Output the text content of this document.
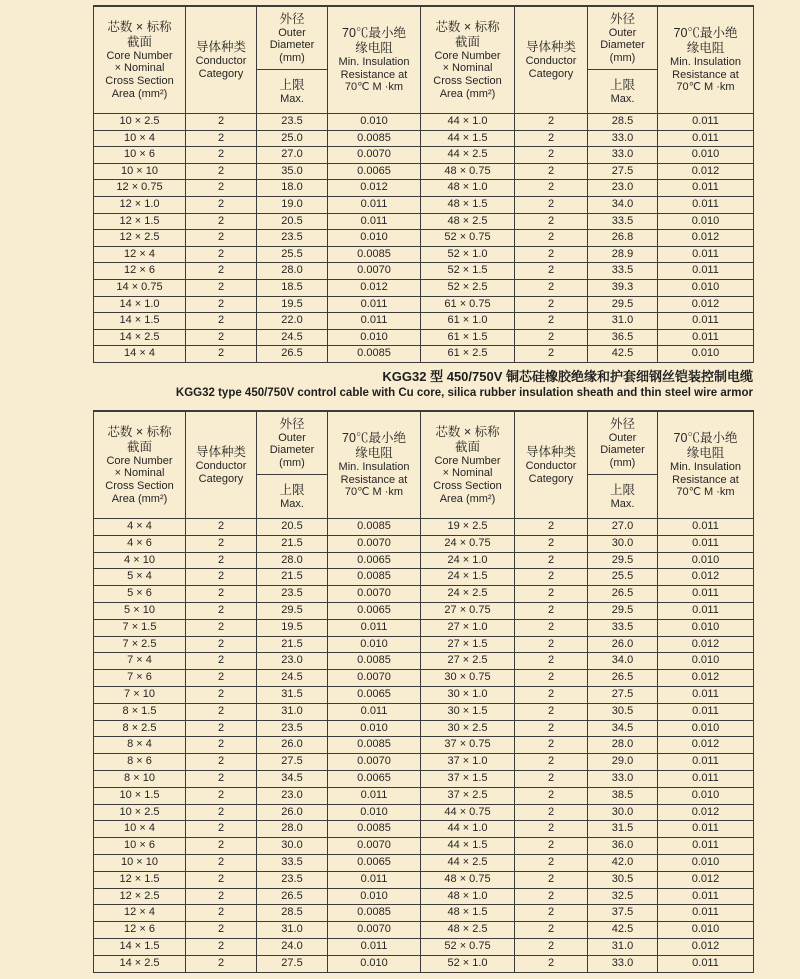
芯数 × 标称
截面
Core Number
× Nominal
Cross Section
Area (mm²)

导体种类
Conductor
Category

外径
Outer
Diameter
(mm)

70℃最小绝
缘电阻
Min. Insulation
Resistance at
70℃ M ·km

芯数 × 标称
截面
Core Number
× Nominal
Cross Section
Area (mm²)

导体种类
Conductor
Category

外径
Outer
Diameter
(mm)

70℃最小绝
缘电阻
Min. Insulation
Resistance at
70℃ M ·km

上限
Max.

上限
Max.

10 × 2.5	2	23.5	0.010	44 × 1.0	2	28.5	0.011
10 × 4	2	25.0	0.0085	44 × 1.5	2	33.0	0.011
10 × 6	2	27.0	0.0070	44 × 2.5	2	33.0	0.010
10 × 10	2	35.0	0.0065	48 × 0.75	2	27.5	0.012
12 × 0.75	2	18.0	0.012	48 × 1.0	2	23.0	0.011
12 × 1.0	2	19.0	0.011	48 × 1.5	2	34.0	0.011
12 × 1.5	2	20.5	0.011	48 × 2.5	2	33.5	0.010
12 × 2.5	2	23.5	0.010	52 × 0.75	2	26.8	0.012
12 × 4	2	25.5	0.0085	52 × 1.0	2	28.9	0.011
12 × 6	2	28.0	0.0070	52 × 1.5	2	33.5	0.011
14 × 0.75	2	18.5	0.012	52 × 2.5	2	39.3	0.010
14 × 1.0	2	19.5	0.011	61 × 0.75	2	29.5	0.012
14 × 1.5	2	22.0	0.011	61 × 1.0	2	31.0	0.011
14 × 2.5	2	24.5	0.010	61 × 1.5	2	36.5	0.011
14 × 4	2	26.5	0.0085	61 × 2.5	2	42.5	0.010
KGG32 型 450/750V 铜芯硅橡胶绝缘和护套细钢丝铠装控制电缆
KGG32 type 450/750V control cable with Cu core, silica rubber insulation sheath and thin steel wire armor
芯数 × 标称
截面
Core Number
× Nominal
Cross Section
Area (mm²)

导体种类
Conductor
Category

外径
Outer
Diameter
(mm)

70℃最小绝
缘电阻
Min. Insulation
Resistance at
70℃ M ·km

芯数 × 标称
截面
Core Number
× Nominal
Cross Section
Area (mm²)

导体种类
Conductor
Category

外径
Outer
Diameter
(mm)

70℃最小绝
缘电阻
Min. Insulation
Resistance at
70℃ M ·km

上限
Max.

上限
Max.

4 × 4	2	20.5	0.0085	19 × 2.5	2	27.0	0.011
4 × 6	2	21.5	0.0070	24 × 0.75	2	30.0	0.011
4 × 10	2	28.0	0.0065	24 × 1.0	2	29.5	0.010
5 × 4	2	21.5	0.0085	24 × 1.5	2	25.5	0.012
5 × 6	2	23.5	0.0070	24 × 2.5	2	26.5	0.011
5 × 10	2	29.5	0.0065	27 × 0.75	2	29.5	0.011
7 × 1.5	2	19.5	0.011	27 × 1.0	2	33.5	0.010
7 × 2.5	2	21.5	0.010	27 × 1.5	2	26.0	0.012
7 × 4	2	23.0	0.0085	27 × 2.5	2	34.0	0.010
7 × 6	2	24.5	0.0070	30 × 0.75	2	26.5	0.012
7 × 10	2	31.5	0.0065	30 × 1.0	2	27.5	0.011
8 × 1.5	2	31.0	0.011	30 × 1.5	2	30.5	0.011
8 × 2.5	2	23.5	0.010	30 × 2.5	2	34.5	0.010
8 × 4	2	26.0	0.0085	37 × 0.75	2	28.0	0.012
8 × 6	2	27.5	0.0070	37 × 1.0	2	29.0	0.011
8 × 10	2	34.5	0.0065	37 × 1.5	2	33.0	0.011
10 × 1.5	2	23.0	0.011	37 × 2.5	2	38.5	0.010
10 × 2.5	2	26.0	0.010	44 × 0.75	2	30.0	0.012
10 × 4	2	28.0	0.0085	44 × 1.0	2	31.5	0.011
10 × 6	2	30.0	0.0070	44 × 1.5	2	36.0	0.011
10 × 10	2	33.5	0.0065	44 × 2.5	2	42.0	0.010
12 × 1.5	2	23.5	0.011	48 × 0.75	2	30.5	0.012
12 × 2.5	2	26.5	0.010	48 × 1.0	2	32.5	0.011
12 × 4	2	28.5	0.0085	48 × 1.5	2	37.5	0.011
12 × 6	2	31.0	0.0070	48 × 2.5	2	42.5	0.010
14 × 1.5	2	24.0	0.011	52 × 0.75	2	31.0	0.012
14 × 2.5	2	27.5	0.010	52 × 1.0	2	33.0	0.011
